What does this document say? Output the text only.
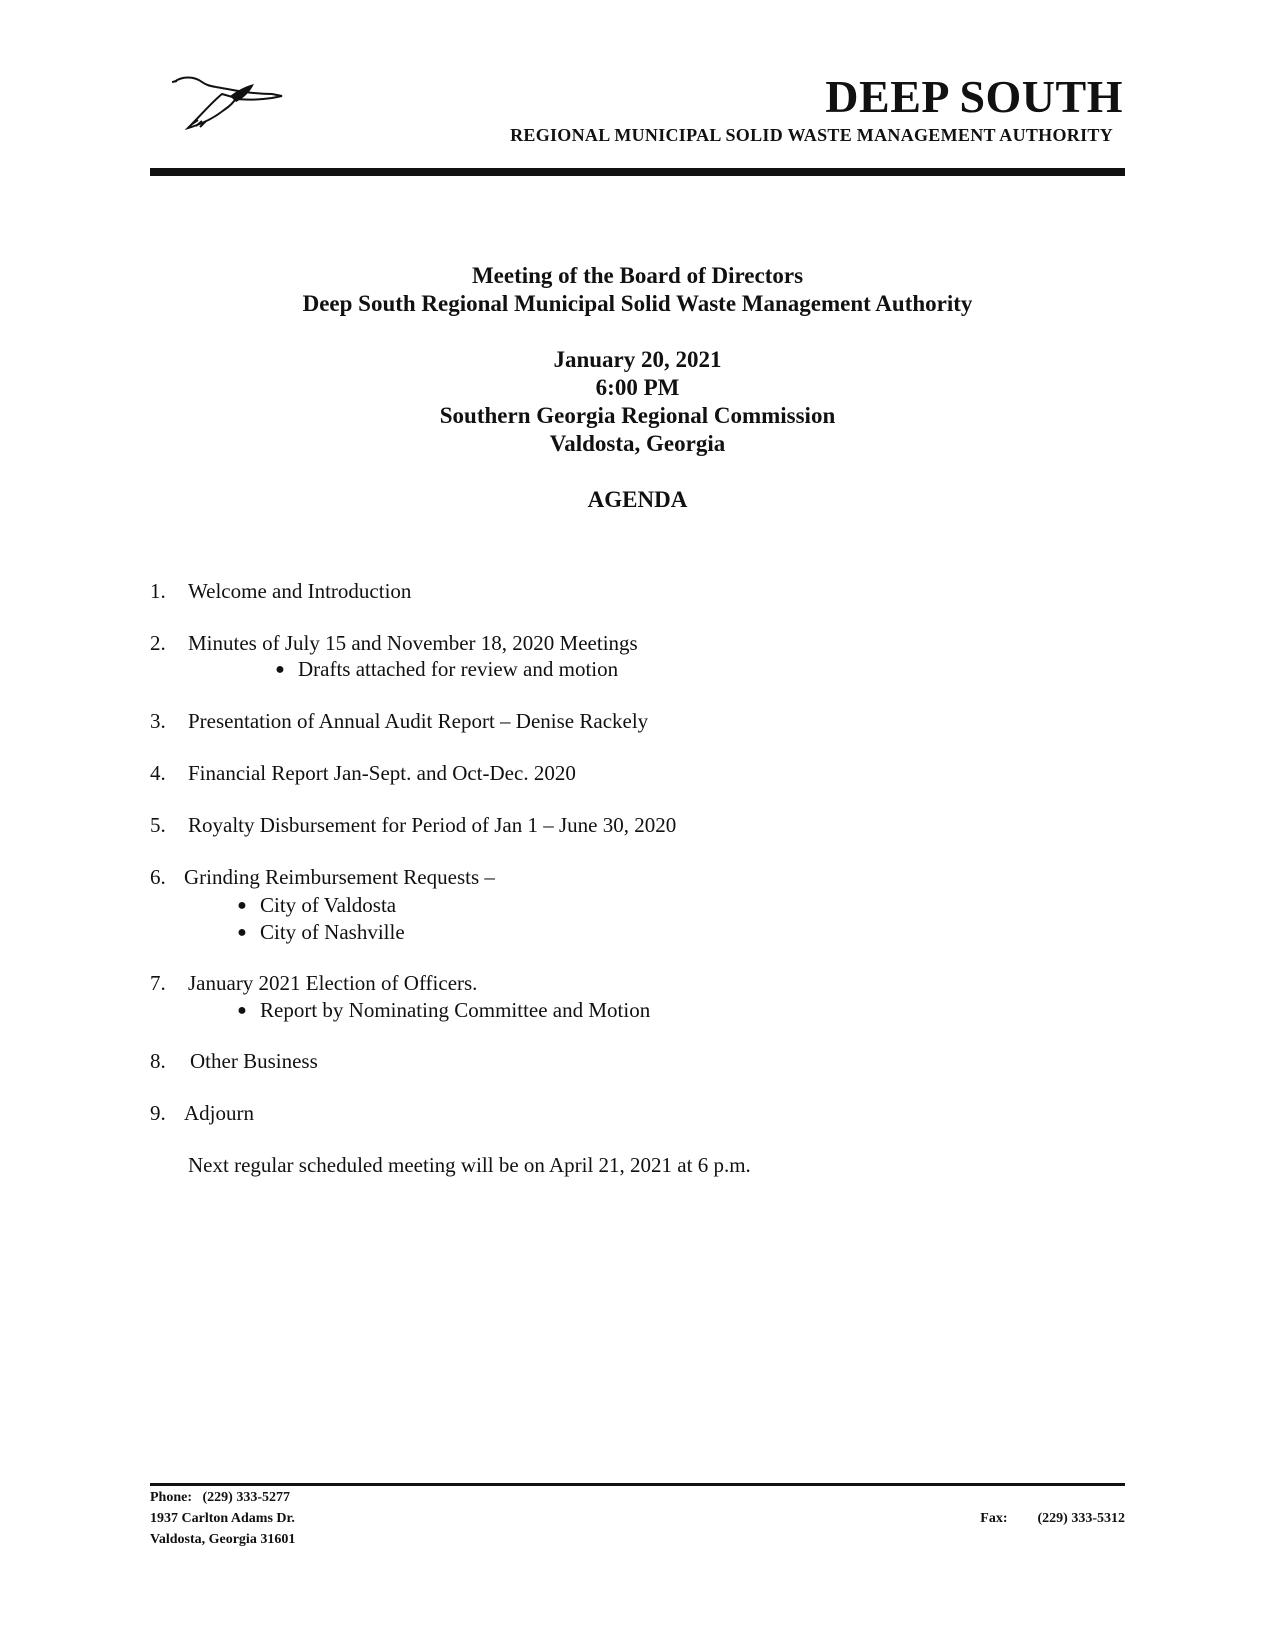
DEEP SOUTH
REGIONAL MUNICIPAL SOLID WASTE MANAGEMENT AUTHORITY
Meeting of the Board of Directors
Deep South Regional Municipal Solid Waste Management Authority
January 20, 2021
6:00 PM
Southern Georgia Regional Commission
Valdosta, Georgia
AGENDA
1. Welcome and Introduction
2. Minutes of July 15 and November 18, 2020 Meetings
● Drafts attached for review and motion
3. Presentation of Annual Audit Report – Denise Rackely
4. Financial Report Jan-Sept. and Oct-Dec. 2020
5. Royalty Disbursement for Period of Jan 1 – June 30, 2020
6. Grinding Reimbursement Requests –
● City of Valdosta
● City of Nashville
7. January 2021 Election of Officers.
● Report by Nominating Committee and Motion
8. Other Business
9. Adjourn
Next regular scheduled meeting will be on April 21, 2021 at 6 p.m.
Phone: (229) 333-5277
1937 Carlton Adams Dr.
Valdosta, Georgia 31601
Fax: (229) 333-5312
